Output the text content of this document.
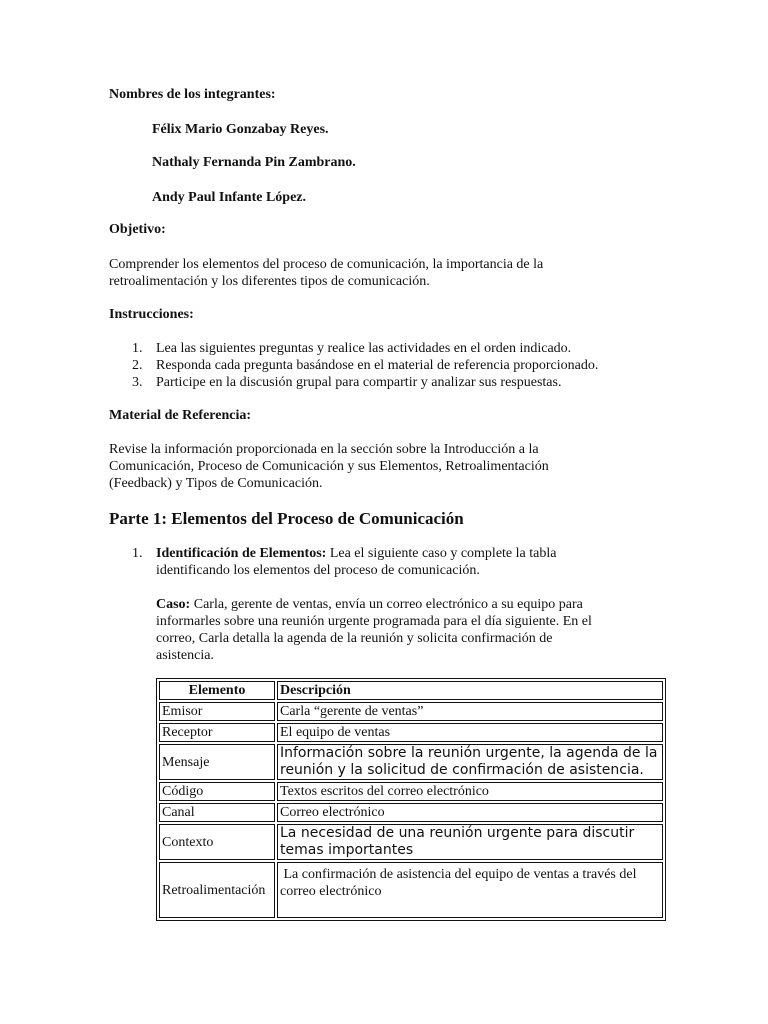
Nombres de los integrantes:
Félix Mario Gonzabay Reyes.
Nathaly Fernanda Pin Zambrano.
Andy Paul Infante López.
Objetivo:
Comprender los elementos del proceso de comunicación, la importancia de la
retroalimentación y los diferentes tipos de comunicación.
Instrucciones:
1. Lea las siguientes preguntas y realice las actividades en el orden indicado.
2. Responda cada pregunta basándose en el material de referencia proporcionado.
3. Participe en la discusión grupal para compartir y analizar sus respuestas.
Material de Referencia:
Revise la información proporcionada en la sección sobre la Introducción a la
Comunicación, Proceso de Comunicación y sus Elementos, Retroalimentación
(Feedback) y Tipos de Comunicación.
Parte 1: Elementos del Proceso de Comunicación
1. Identificación de Elementos: Lea el siguiente caso y complete la tabla
identificando los elementos del proceso de comunicación.
Caso: Carla, gerente de ventas, envía un correo electrónico a su equipo para
informarles sobre una reunión urgente programada para el día siguiente. En el
correo, Carla detalla la agenda de la reunión y solicita confirmación de
asistencia.
Elemento	Descripción
Emisor	Carla “gerente de ventas”
Receptor	El equipo de ventas
Mensaje	Información sobre la reunión urgente, la agenda de la reunión y la solicitud de confirmación de asistencia.
Código	Textos escritos del correo electrónico
Canal	Correo electrónico
Contexto	La necesidad de una reunión urgente para discutir temas importantes
Retroalimentación	La confirmación de asistencia del equipo de ventas a través del correo electrónico
